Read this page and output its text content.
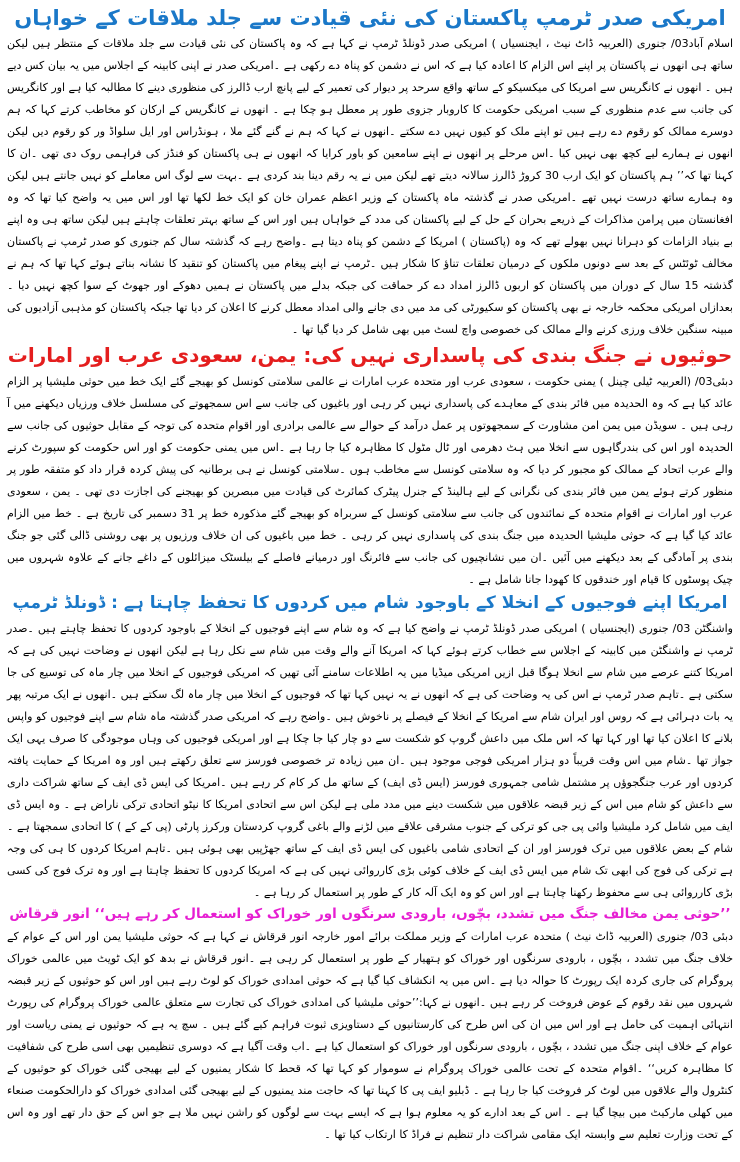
امریکی صدر ٹرمپ پاکستان کی نئی قیادت سے جلد ملاقات کے خواہاں

اسلام آباد03/ جنوری (العربیہ ڈاٹ نیٹ ، ایجنسیاں ) امریکی صدر ڈونلڈ ٹرمپ نے کہا ہے کہ وہ پاکستان کی نئی قیادت سے جلد ملاقات کے منتظر ہیں لیکن ساتھ ہی انھوں نے پاکستان پر اپنے اس الزام کا اعادہ کیا ہے کہ اس نے دشمن کو پناہ دے رکھی ہے ۔امریکی صدر نے اپنی کابینہ کے اجلاس میں یہ بیان کس دیے ہیں ۔ انھوں نے کانگریس سے امریکا کی میکسیکو کے ساتھ واقع سرحد پر دیوار کی تعمیر کے لیے پانچ ارب ڈالرز کی منظوری دینے کا مطالبہ کیا ہے اور کانگریس کی جانب سے عدم منظوری کے سبب امریکی حکومت کا کاروبار جزوی طور پر معطل ہو چکا ہے ۔ انھوں نے کانگریس کے ارکان کو مخاطب کرتے کہا کہ ہم دوسرے ممالک کو رقوم دے رہے ہیں تو اپنے ملک کو کیوں نہیں دے سکتے ۔انھوں نے کہا کہ ہم نے گنے گئے ملا ، ہونڈراس اور ایل سلواڈ ور کو رقوم دیں لیکن انھوں نے ہمارے لیے کچھ بھی نہیں کیا ۔اس مرحلے پر انھوں نے اپنے سامعین کو باور کرایا کہ انھوں نے ہی پاکستان کو فنڈز کی فراہمی روک دی تھی ۔ان کا کہنا تھا کہ’’ ہم پاکستان کو ایک ارب 30 کروڑ ڈالرز سالانہ دیتے تھے لیکن میں نے یہ رقم دینا بند کردی ہے ۔بہت سے لوگ اس معاملے کو نہیں جانتے ہیں لیکن وہ ہمارے ساتھ درست نہیں تھے ۔امریکی صدر نے گذشتہ ماہ پاکستان کے وزیر اعظم عمران خان کو ایک خط لکھا تھا اور اس میں یہ واضح کیا تھا کہ وہ افغانستان میں پرامن مذاکرات کے ذریعے بحران کے حل کے لیے پاکستان کی مدد کے خواہاں ہیں اور اس کے ساتھ بہتر تعلقات چاہتے ہیں لیکن ساتھ ہی وہ اپنے بے بنیاد الزامات کو دہرانا نہیں بھولے تھے کہ وہ (پاکستان ) امریکا کے دشمن کو پناہ دیتا ہے ۔واضح رہے کہ گذشتہ سال کم جنوری کو صدر ٹرمپ نے پاکستان مخالف ٹوئٹس کے بعد سے دونوں ملکوں کے درمیان تعلقات تناؤ کا شکار ہیں ۔ٹرمپ نے اپنے پیغام میں پاکستان کو تنقید کا نشانہ بناتے ہوئے کہا تھا کہ ہم نے گذشتہ 15 سال کے دوران میں پاکستان کو اربوں ڈالرز امداد دے کر حماقت کی جبکہ بدلے میں پاکستان نے ہمیں دھوکے اور جھوٹ کے سوا کچھ نہیں دیا ۔بعدازاں امریکی محکمہ خارجہ نے بھی پاکستان کو سکیورٹی کی مد میں دی جانے والی امداد معطل کرنے کا اعلان کر دیا تھا جبکہ پاکستان کو مذہبی آزادیوں کی مبینہ سنگین خلاف ورزی کرنے والے ممالک کی خصوصی واچ لسٹ میں بھی شامل کر دیا گیا تھا ۔

حوثیوں نے جنگ بندی کی پاسداری نہیں کی: یمن، سعودی عرب اور امارات

دبئی03/ (العربیہ ٹیلی چینل ) یمنی حکومت ، سعودی عرب اور متحدہ عرب امارات نے عالمی سلامتی کونسل کو بھیجے گئے ایک خط میں حوثی ملیشیا پر الزام عائد کیا ہے کہ وہ الحدیدہ میں فائر بندی کے معاہدے کی پاسداری نہیں کر رہی اور باغیوں کی جانب سے اس سمجھوتے کی مسلسل خلاف ورزیاں دیکھنے میں آ رہی ہیں ۔ سویڈن میں یمن امن مشاورت کے سمجھوتوں پر عمل درآمد کے حوالے سے عالمی برادری اور اقوام متحدہ کی توجہ کے مقابل حوثیوں کی جانب سے الحدیدہ اور اس کی بندرگاہوں سے انخلا میں ہٹ دھرمی اور ٹال مٹول کا مظاہرہ کیا جا رہا ہے ۔اس میں یمنی حکومت کو اور اس حکومت کو سپورٹ کرنے والے عرب اتحاد کے ممالک کو مجبور کر دیا کہ وہ سلامتی کونسل سے مخاطب ہوں ۔سلامتی کونسل نے ہی برطانیہ کی پیش کردہ قرار داد کو متفقہ طور پر منظور کرتے ہوئے یمن میں فائر بندی کی نگرانی کے لیے ہالینڈ کے جنرل پیٹرک کمائرٹ کی قیادت میں مبصرین کو بھیجنے کی اجازت دی تھی ۔ یمن ، سعودی عرب اور امارات نے اقوام متحدہ کے نمائندوں کی جانب سے سلامتی کونسل کے سربراہ کو بھیجے گئے مذکورہ خط پر 31 دسمبر کی تاریخ ہے ۔ خط میں الزام عائد کیا گیا ہے کہ حوثی ملیشیا الحدیدہ میں جنگ بندی کی پاسداری نہیں کر رہی ۔ خط میں باغیوں کی ان خلاف ورزیوں پر بھی روشنی ڈالی گئی جو جنگ بندی پر آمادگی کے بعد دیکھنے میں آئیں ۔ان میں نشانچیوں کی جانب سے فائرنگ اور درمیانے فاصلے کے بیلسٹک میزائلوں کے داغے جانے کے علاوہ شہروں میں چیک پوسٹوں کا قیام اور خندقوں کا کھودا جانا شامل ہے ۔

امریکا اپنے فوجیوں کے انخلا کے باوجود شام میں کردوں کا تحفظ چاہتا ہے : ڈونلڈ ٹرمپ

واشنگٹن 03/ جنوری (ایجنسیاں ) امریکی صدر ڈونلڈ ٹرمپ نے واضح کیا ہے کہ وہ شام سے اپنے فوجیوں کے انخلا کے باوجود کردوں کا تحفظ چاہتے ہیں ۔صدر ٹرمپ نے واشنگٹن میں کابینہ کے اجلاس سے خطاب کرتے ہوئے کہا کہ امریکا آنے والے وقت میں شام سے نکل رہا ہے لیکن انھوں نے وضاحت نہیں کی ہے کہ امریکا کتنے عرصے میں شام سے انخلا ہوگا قبل ازیں امریکی میڈیا میں یہ اطلاعات سامنے آئی تھیں کہ امریکی فوجیوں کے انخلا میں چار ماہ کی توسیع کی جا سکتی ہے ۔تاہم صدر ٹرمپ نے اس کی یہ وضاحت کی ہے کہ انھوں نے یہ نہیں کہا تھا کہ فوجیوں کے انخلا میں چار ماہ لگ سکتے ہیں ۔انھوں نے ایک مرتبہ پھر یہ بات دہرائی ہے کہ روس اور ایران شام سے امریکا کے انخلا کے فیصلے پر ناخوش ہیں ۔واضح رہے کہ امریکی صدر گذشتہ ماہ شام سے اپنے فوجیوں کو واپس بلانے کا اعلان کیا تھا اور کہا تھا کہ اس ملک میں داعش گروپ کو شکست سے دو چار کیا جا چکا ہے اور امریکی فوجیوں کی وہاں موجودگی کا صرف یہی ایک جواز تھا ۔شام میں اس وقت قریباً دو ہزار امریکی فوجی موجود ہیں ۔ان میں زیادہ تر خصوصی فورسز سے تعلق رکھتے ہیں اور وہ امریکا کے حمایت یافتہ کردوں اور عرب جنگجوؤں پر مشتمل شامی جمہوری فورسز (ایس ڈی ایف) کے ساتھ مل کر کام کر رہے ہیں ۔امریکا کی ایس ڈی ایف کے ساتھ شراکت داری سے داعش کو شام میں اس کے زیر قبضہ علاقوں میں شکست دینے میں مدد ملی ہے لیکن اس سے اتحادی امریکا کا نیٹو اتحادی ترکی ناراض ہے ۔ وہ ایس ڈی ایف میں شامل کرد ملیشیا وائی پی جی کو ترکی کے جنوب مشرقی علاقے میں لڑنے والے باغی گروپ کردستان ورکرز پارٹی (پی کے کے ) کا اتحادی سمجھتا ہے ۔شام کے بعض علاقوں میں ترک فورسز اور ان کے اتحادی شامی باغیوں کی ایس ڈی ایف کے ساتھ جھڑپیں بھی ہوئی ہیں ۔تاہم امریکا کردوں کا ہی کی وجہ ہے ترکی کی فوج کی ابھی تک شام میں ایس ڈی ایف کے خلاف کوئی بڑی کارروائی نہیں کی ہے کہ امریکا کردوں کا تحفظ چاہتا ہے اور وہ ترک فوج کی کسی بڑی کارروائی ہی سے محفوظ رکھنا چاہتا ہے اور اس کو وہ ایک آلہ کار کے طور پر استعمال کر رہا ہے ۔

’’حوثی یمن مخالف جنگ میں تشدد، بچّوں، بارودی سرنگوں اور خوراک کو استعمال کر رہے ہیں‘‘ انور قرقاش

دبئی 03/ جنوری (العربیہ ڈاٹ نیٹ ) متحدہ عرب امارات کے وزیر مملکت برائے امور خارجہ انور قرقاش نے کہا ہے کہ حوثی ملیشیا یمن اور اس کے عوام کے خلاف جنگ میں تشدد ، بچّوں ، بارودی سرنگوں اور خوراک کو ہتھیار کے طور پر استعمال کر رہی ہے ۔انور قرقاش نے بدھ کو ایک ٹویٹ میں عالمی خوراک پروگرام کی جاری کردہ ایک رپورٹ کا حوالہ دیا ہے ۔اس میں یہ انکشاف کیا گیا ہے کہ حوثی امدادی خوراک کو لوٹ رہے ہیں اور اس کو حوثیوں کے زیر قبضہ شہروں میں نقد رقوم کے عوض فروخت کر رہے ہیں ۔انھوں نے کہا:’’حوثی ملیشیا کی امدادی خوراک کی تجارت سے متعلق عالمی خوراک پروگرام کی رپورٹ انتہائی اہمیت کی حامل ہے اور اس میں ان کی اس طرح کی کارستانیوں کے دستاویزی ثبوت فراہم کیے گئے ہیں ۔ سچ یہ ہے کہ حوثیوں نے یمنی ریاست اور عوام کے خلاف اپنی جنگ میں تشدد ، بچّوں ، بارودی سرنگوں اور خوراک کو استعمال کیا ہے ۔اب وقت آگیا ہے کہ دوسری تنظیمیں بھی اسی طرح کی شفافیت کا مظاہرہ کریں‘‘ ۔اقوام متحدہ کے تحت عالمی خوراک پروگرام نے سوموار کو کہا تھا کہ قحط کا شکار یمنیوں کے لیے بھیجی گئی خوراک کو حوثیوں کے کنٹرول والے علاقوں میں لوٹ کر فروخت کیا جا رہا ہے ۔ ڈبلیو ایف پی کا کہنا تھا کہ حاجت مند یمنیوں کے لیے بھیجی گئی امدادی خوراک کو دارالحکومت صنعاء میں کھلی مارکیٹ میں بیچا گیا ہے ۔ اس کے بعد ادارے کو یہ معلوم ہوا ہے کہ ایسے بہت سے لوگوں کو راشن نہیں ملا ہے جو اس کے حق دار تھے اور وہ اس کے تحت وزارت تعلیم سے وابستہ ایک مقامی شراکت دار تنظیم نے فراڈ کا ارتکاب کیا تھا ۔
